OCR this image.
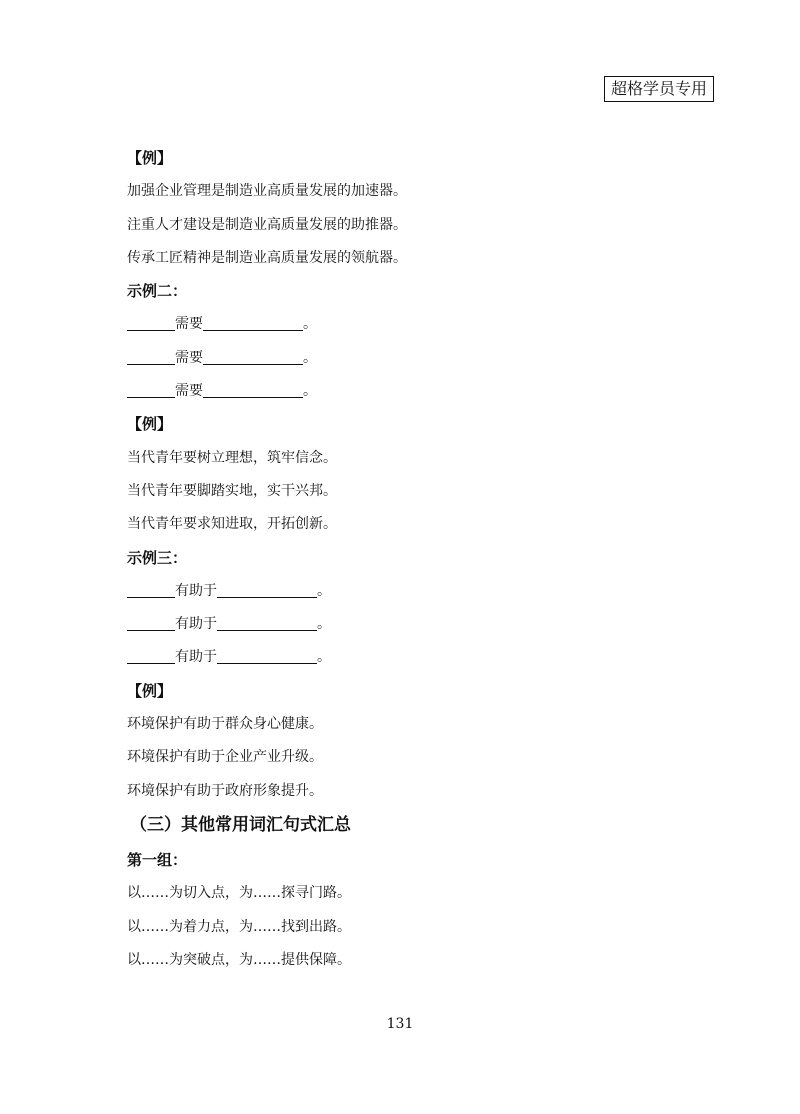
超格学员专用
【例】
加强企业管理是制造业高质量发展的加速器。
注重人才建设是制造业高质量发展的助推器。
传承工匠精神是制造业高质量发展的领航器。
示例二：
需要	。
需要	。
需要	。
【例】
当代青年要树立理想，筑牢信念。
当代青年要脚踏实地，实干兴邦。
当代青年要求知进取，开拓创新。
示例三：
有助于	。
有助于	。
有助于	。
【例】
环境保护有助于群众身心健康。
环境保护有助于企业产业升级。
环境保护有助于政府形象提升。
（三）其他常用词汇句式汇总
第一组：
以……为切入点，为……探寻门路。
以……为着力点，为……找到出路。
以……为突破点，为……提供保障。
131
